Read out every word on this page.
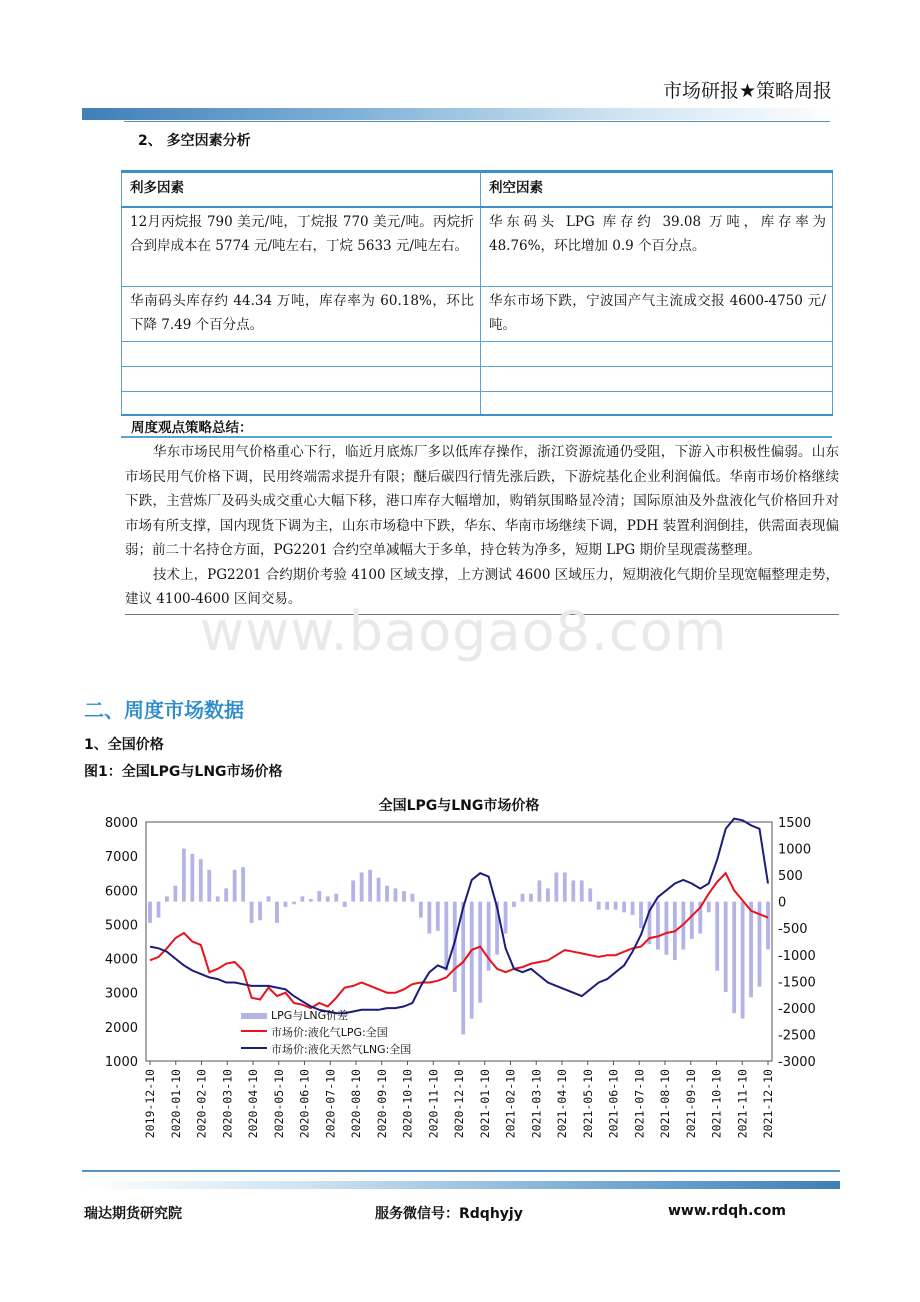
市场研报★策略周报
2、 多空因素分析
利多因素	利空因素
12月丙烷报 790 美元/吨，丁烷报 770 美元/吨。丙烷折合到岸成本在 5774 元/吨左右，丁烷 5633 元/吨左右。	华东码头 LPG 库存约 39.08 万吨，库存率为 48.76%，环比增加 0.9 个百分点。
华南码头库存约 44.34 万吨，库存率为 60.18%，环比下降 7.49 个百分点。	华东市场下跌，宁波国产气主流成交报 4600-4750 元/吨。

周度观点策略总结：

华东市场民用气价格重心下行，临近月底炼厂多以低库存操作，浙江资源流通仍受阻，下游入市积极性偏弱。山东市场民用气价格下调，民用终端需求提升有限；醚后碳四行情先涨后跌，下游烷基化企业利润偏低。华南市场价格继续下跌，主营炼厂及码头成交重心大幅下移，港口库存大幅增加，购销氛围略显冷清；国际原油及外盘液化气价格回升对市场有所支撑，国内现货下调为主，山东市场稳中下跌，华东、华南市场继续下调，PDH 装置利润倒挂，供需面表现偏弱；前二十名持仓方面，PG2201 合约空单减幅大于多单，持仓转为净多，短期 LPG 期价呈现震荡整理。

技术上，PG2201 合约期价考验 4100 区域支撑，上方测试 4600 区域压力，短期液化气期价呈现宽幅整理走势，建议 4100-4600 区间交易。

www.baogao8.com
二、周度市场数据
1、全国价格
图1：全国LPG与LNG市场价格
全国LPG与LNG市场价格
1000
2000
3000
4000
5000
6000
7000
8000
-3000
-2500
-2000
-1500
-1000
-500
0
500
1000
1500
2019-12-10 2020-01-10 2020-02-10 2020-03-10 2020-04-10 2020-05-10 2020-06-10 2020-07-10 2020-08-10 2020-09-10 2020-10-10 2020-11-10 2020-12-10 2021-01-10 2021-02-10 2021-03-10 2021-04-10 2021-05-10 2021-06-10 2021-07-10 2021-08-10 2021-09-10 2021-10-10 2021-11-10 2021-12-10
LPG与LNG价差
市场价:液化气LPG:全国
市场价:液化天然气LNG:全国
瑞达期货研究院	服务微信号：Rdqhyjy	www.rdqh.com
